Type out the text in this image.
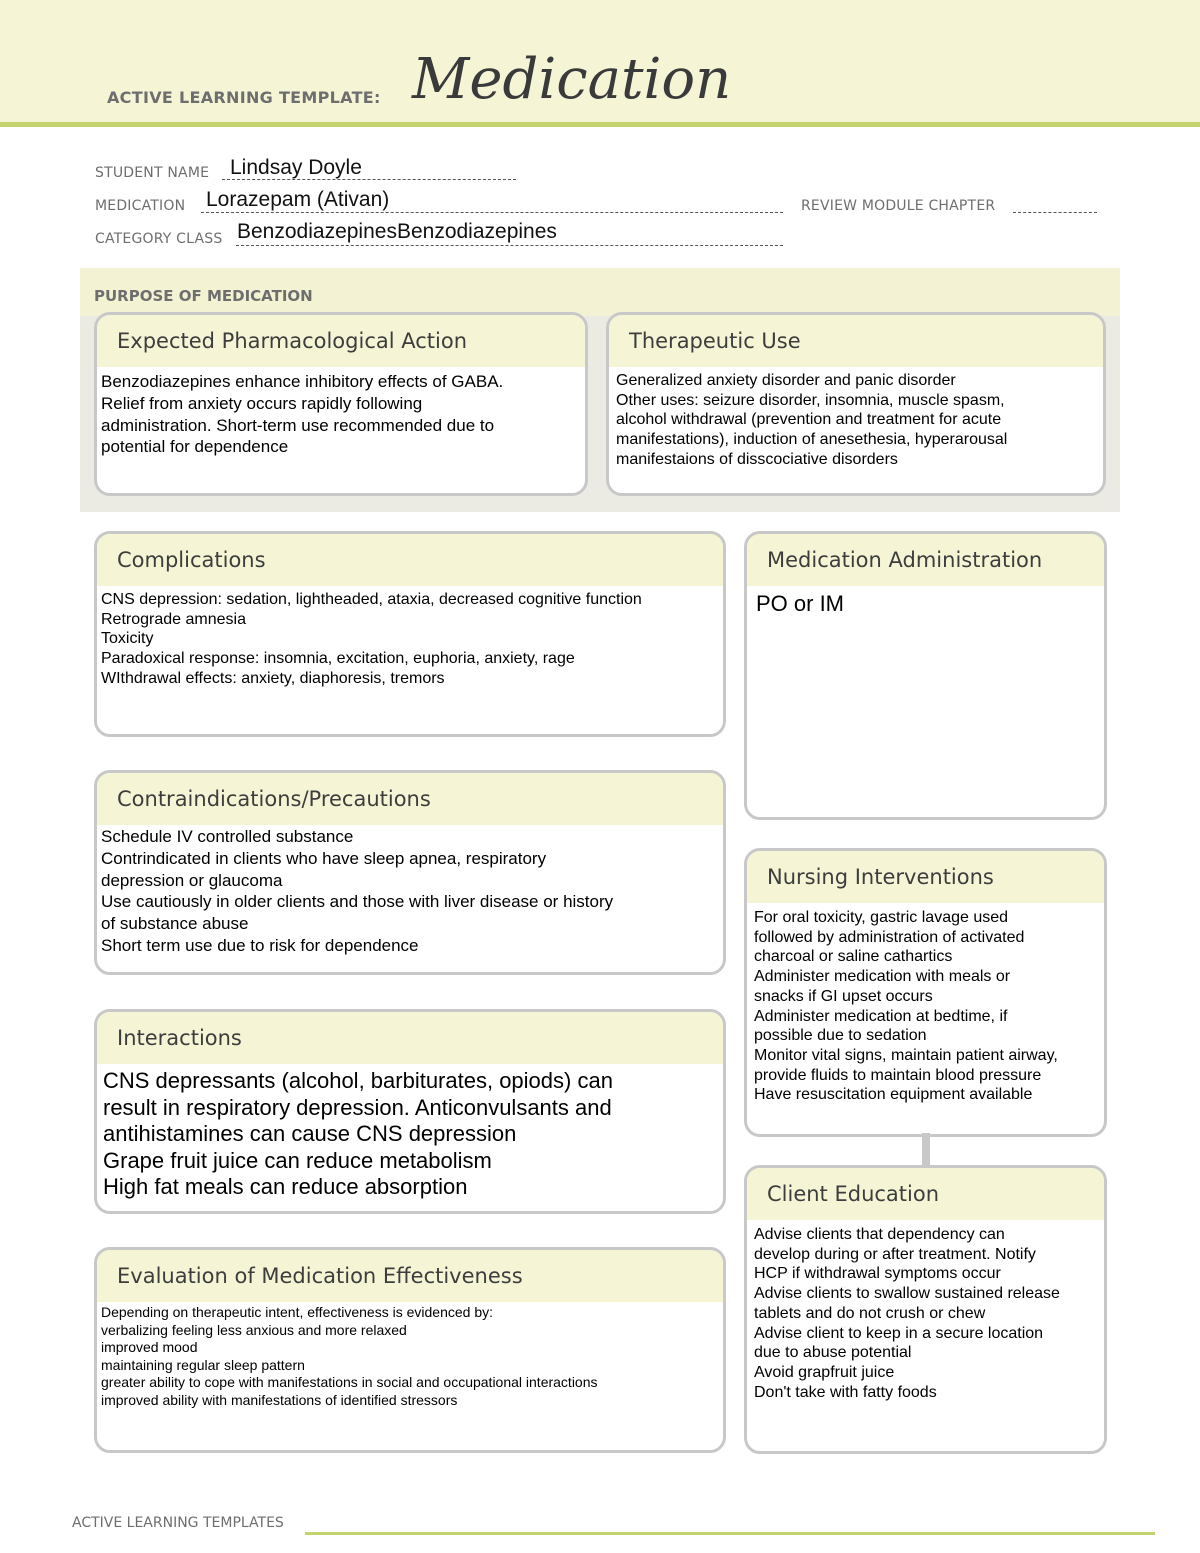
ACTIVE LEARNING TEMPLATE: Medication
STUDENT NAME Lindsay Doyle
MEDICATION Lorazepam (Ativan)	REVIEW MODULE CHAPTER
CATEGORY CLASS BenzodiazepinesBenzodiazepines
PURPOSE OF MEDICATION
Expected Pharmacological Action
Benzodiazepines enhance inhibitory effects of GABA.
Relief from anxiety occurs rapidly following
administration. Short-term use recommended due to
potential for dependence
Therapeutic Use
Generalized anxiety disorder and panic disorder
Other uses: seizure disorder, insomnia, muscle spasm,
alcohol withdrawal (prevention and treatment for acute
manifestations), induction of anesethesia, hyperarousal
manifestaions of disscociative disorders
Complications
CNS depression: sedation, lightheaded, ataxia, decreased cognitive function
Retrograde amnesia
Toxicity
Paradoxical response: insomnia, excitation, euphoria, anxiety, rage
WIthdrawal effects: anxiety, diaphoresis, tremors
Medication Administration
PO or IM
Contraindications/Precautions
Schedule IV controlled substance
Contrindicated in clients who have sleep apnea, respiratory
depression or glaucoma
Use cautiously in older clients and those with liver disease or history
of substance abuse
Short term use due to risk for dependence
Nursing Interventions
For oral toxicity, gastric lavage used
followed by administration of activated
charcoal or saline cathartics
Administer medication with meals or
snacks if GI upset occurs
Administer medication at bedtime, if
possible due to sedation
Monitor vital signs, maintain patient airway,
provide fluids to maintain blood pressure
Have resuscitation equipment available
Interactions
CNS depressants (alcohol, barbiturates, opiods) can
result in respiratory depression. Anticonvulsants and
antihistamines can cause CNS depression
Grape fruit juice can reduce metabolism
High fat meals can reduce absorption	Client Education
Advise clients that dependency can
develop during or after treatment. Notify
HCP if withdrawal symptoms occur
Advise clients to swallow sustained release
tablets and do not crush or chew
Advise client to keep in a secure location
due to abuse potential
Avoid grapfruit juice
Don't take with fatty foods
Evaluation of Medication Effectiveness
Depending on therapeutic intent, effectiveness is evidenced by:
verbalizing feeling less anxious and more relaxed
improved mood
maintaining regular sleep pattern
greater ability to cope with manifestations in social and occupational interactions
improved ability with manifestations of identified stressors
ACTIVE LEARNING TEMPLATES
